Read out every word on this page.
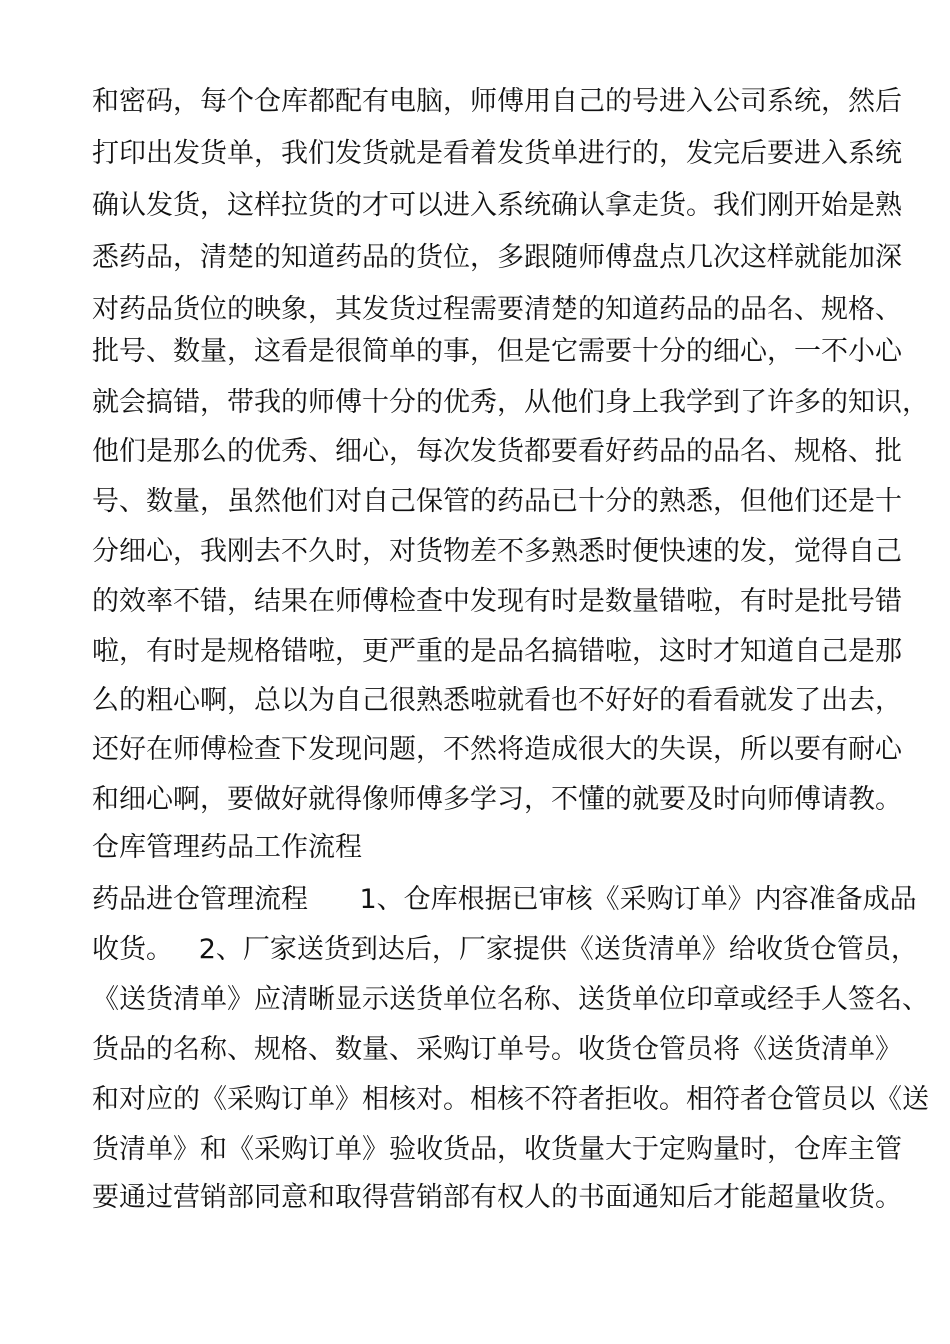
和密码，每个仓库都配有电脑，师傅用自己的号进入公司系统，然后
打印出发货单，我们发货就是看着发货单进行的，发完后要进入系统
确认发货，这样拉货的才可以进入系统确认拿走货。我们刚开始是熟
悉药品，清楚的知道药品的货位，多跟随师傅盘点几次这样就能加深
对药品货位的映象，其发货过程需要清楚的知道药品的品名、规格、
批号、数量，这看是很简单的事，但是它需要十分的细心，一不小心
就会搞错，带我的师傅十分的优秀，从他们身上我学到了许多的知识，
他们是那么的优秀、细心，每次发货都要看好药品的品名、规格、批
号、数量，虽然他们对自己保管的药品已十分的熟悉，但他们还是十
分细心，我刚去不久时，对货物差不多熟悉时便快速的发，觉得自己
的效率不错，结果在师傅检查中发现有时是数量错啦，有时是批号错
啦，有时是规格错啦，更严重的是品名搞错啦，这时才知道自己是那
么的粗心啊，总以为自己很熟悉啦就看也不好好的看看就发了出去，
还好在师傅检查下发现问题，不然将造成很大的失误，所以要有耐心
和细心啊，要做好就得像师傅多学习，不懂的就要及时向师傅请教。
仓库管理药品工作流程
药品进仓管理流程      1、仓库根据已审核《采购订单》内容准备成品
收货。   2、厂家送货到达后，厂家提供《送货清单》给收货仓管员，
《送货清单》应清晰显示送货单位名称、送货单位印章或经手人签名、
货品的名称、规格、数量、采购订单号。收货仓管员将《送货清单》
和对应的《采购订单》相核对。相核不符者拒收。相符者仓管员以《送
货清单》和《采购订单》验收货品，收货量大于定购量时，仓库主管
要通过营销部同意和取得营销部有权人的书面通知后才能超量收货。
